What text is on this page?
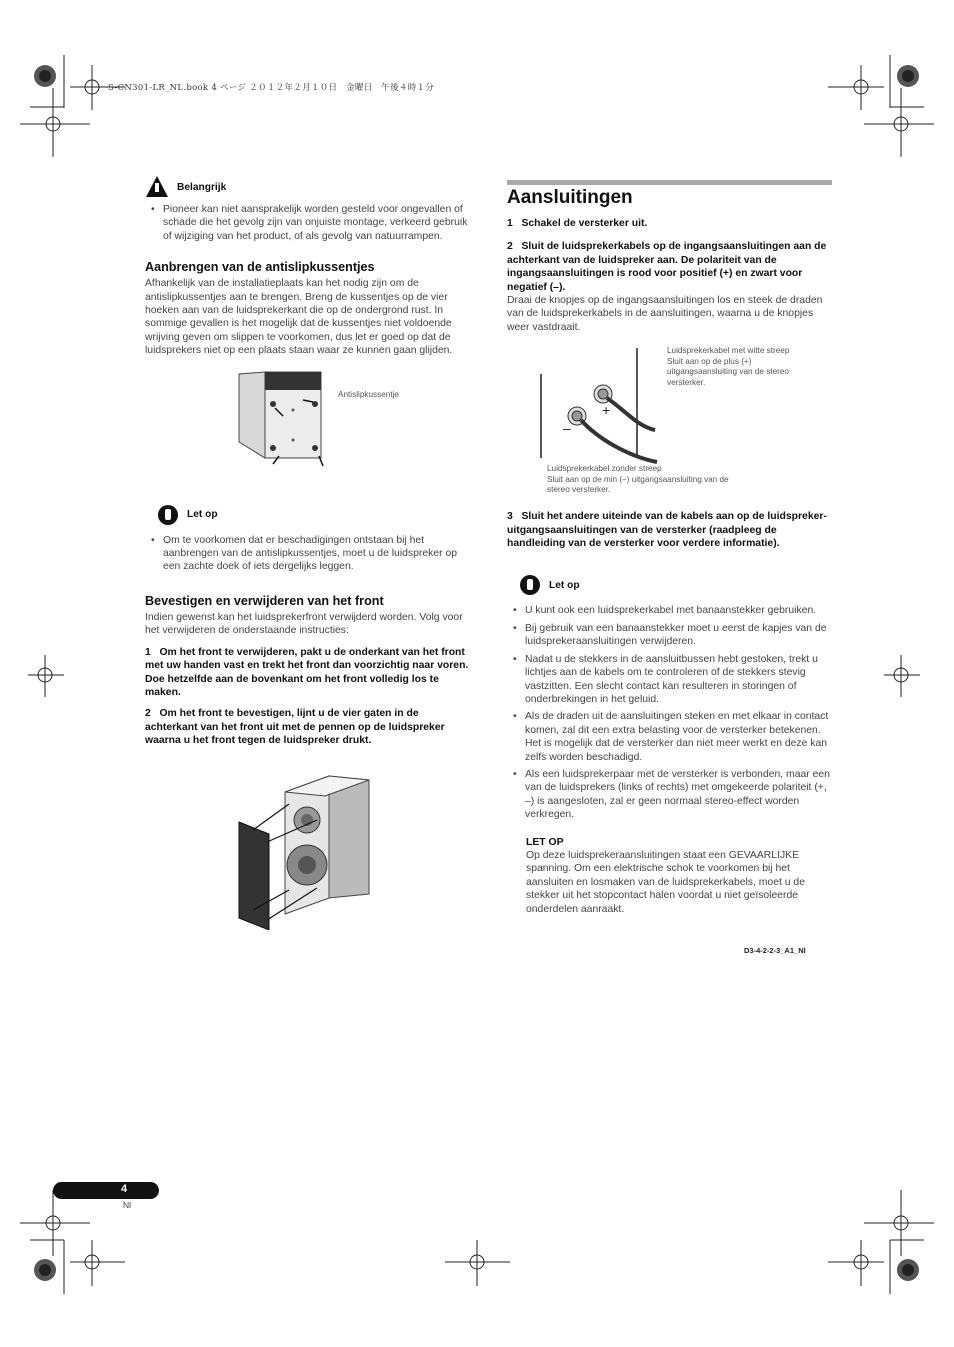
S-CN301-LR_NL.book 4 ページ ２０１２年２月１０日　金曜日　午後４時１分
Belangrijk
• Pioneer kan niet aansprakelijk worden gesteld voor ongevallen of schade die het gevolg zijn van onjuiste montage, verkeerd gebruik of wijziging van het product, of als gevolg van natuurrampen.
Aanbrengen van de antislipkussentjes

Afhankelijk van de installatieplaats kan het nodig zijn om de antislipkussentjes aan te brengen. Breng de kussentjes op de vier hoeken aan van de luidsprekerkant die op de ondergrond rust. In sommige gevallen is het mogelijk dat de kussentjes niet voldoende wrijving geven om slippen te voorkomen, dus let er goed op dat de luidsprekers niet op een plaats staan waar ze kunnen gaan glijden.

Antislipkussentje
Let op
• Om te voorkomen dat er beschadigingen ontstaan bij het aanbrengen van de antislipkussentjes, moet u de luidspreker op een zachte doek of iets dergelijks leggen.
Bevestigen en verwijderen van het front

Indien gewenst kan het luidsprekerfront verwijderd worden. Volg voor het verwijderen de onderstaande instructies:

1   Om het front te verwijderen, pakt u de onderkant van het front met uw handen vast en trekt het front dan voorzichtig naar voren. Doe hetzelfde aan de bovenkant om het front volledig los te maken.

2   Om het front te bevestigen, lijnt u de vier gaten in de achterkant van het front uit met de pennen op de luidspreker waarna u het front tegen de luidspreker drukt.

Aansluitingen

1   Schakel de versterker uit.

2   Sluit de luidsprekerkabels op de ingangsaansluitingen aan de achterkant van de luidspreker aan. De polariteit van de ingangsaansluitingen is rood voor positief (+) en zwart voor negatief (–).

Draai de knopjes op de ingangsaansluitingen los en steek de draden van de luidsprekerkabels in de aansluitingen, waarna u de knopjes weer vastdraait.

+
–
Luidsprekerkabel met witte streep
Sluit aan op de plus (+)
uitgangsaansluiting van de stereo
versterker.
Luidsprekerkabel zonder streep
Sluit aan op de min (–) uitgangsaansluiting van de
stereo versterker.

3   Sluit het andere uiteinde van de kabels aan op de luidspreker-uitgangsaansluitingen van de versterker (raadpleeg de handleiding van de versterker voor verdere informatie).

Let op
• U kunt ook een luidsprekerkabel met banaanstekker gebruiken.
• Bij gebruik van een banaanstekker moet u eerst de kapjes van de luidsprekeraansluitingen verwijderen.
• Nadat u de stekkers in de aansluitbussen hebt gestoken, trekt u lichtjes aan de kabels om te controleren of de stekkers stevig vastzitten. Een slecht contact kan resulteren in storingen of onderbrekingen in het geluid.
• Als de draden uit de aansluitingen steken en met elkaar in contact komen, zal dit een extra belasting voor de versterker betekenen. Het is mogelijk dat de versterker dan niet meer werkt en deze kan zelfs worden beschadigd.
• Als een luidsprekerpaar met de versterker is verbonden, maar een van de luidsprekers (links of rechts) met omgekeerde polariteit (+, –) is aangesloten, zal er geen normaal stereo-effect worden verkregen.
LET OP

Op deze luidsprekeraansluitingen staat een GEVAARLIJKE spanning. Om een elektrische schok te voorkomen bij het aansluiten en losmaken van de luidsprekerkabels, moet u de stekker uit het stopcontact halen voordat u niet geïsoleerde onderdelen aanraakt.

D3-4-2-2-3_A1_Nl
4
Nl
